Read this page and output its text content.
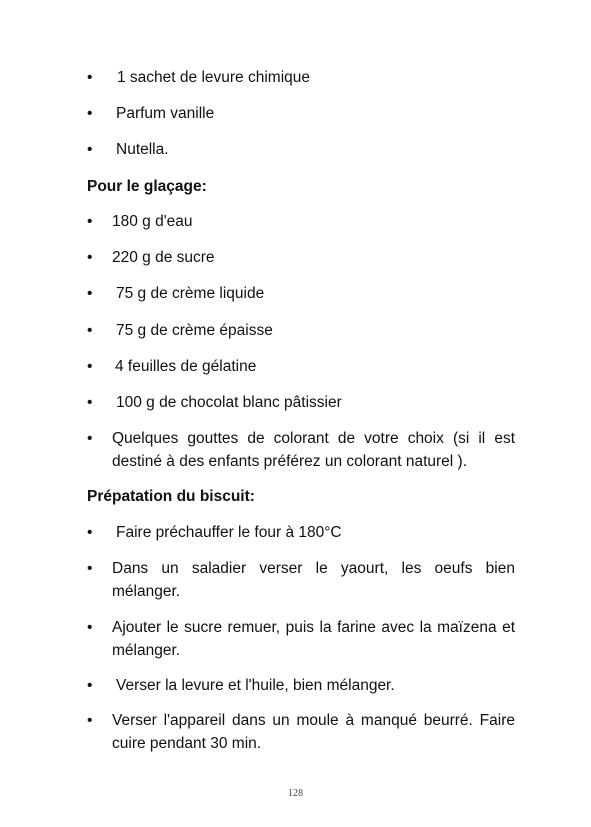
• 1 sachet de levure chimique
• Parfum vanille
• Nutella.
Pour le glaçage:
• 180 g d'eau
• 220 g de sucre
• 75 g de crème liquide
• 75 g de crème épaisse
• 4 feuilles de gélatine
• 100 g de chocolat blanc pâtissier
• Quelques gouttes de colorant de votre choix (si il est destiné à des enfants préférez un colorant naturel ).
Prépatation du biscuit:
• Faire préchauffer le four à 180°C
• Dans un saladier verser le yaourt, les oeufs bien mélanger.
• Ajouter le sucre remuer, puis la farine avec la maïzena et mélanger.
• Verser la levure et l'huile, bien mélanger.
• Verser l'appareil dans un moule à manqué beurré. Faire cuire pendant 30 min.
128
